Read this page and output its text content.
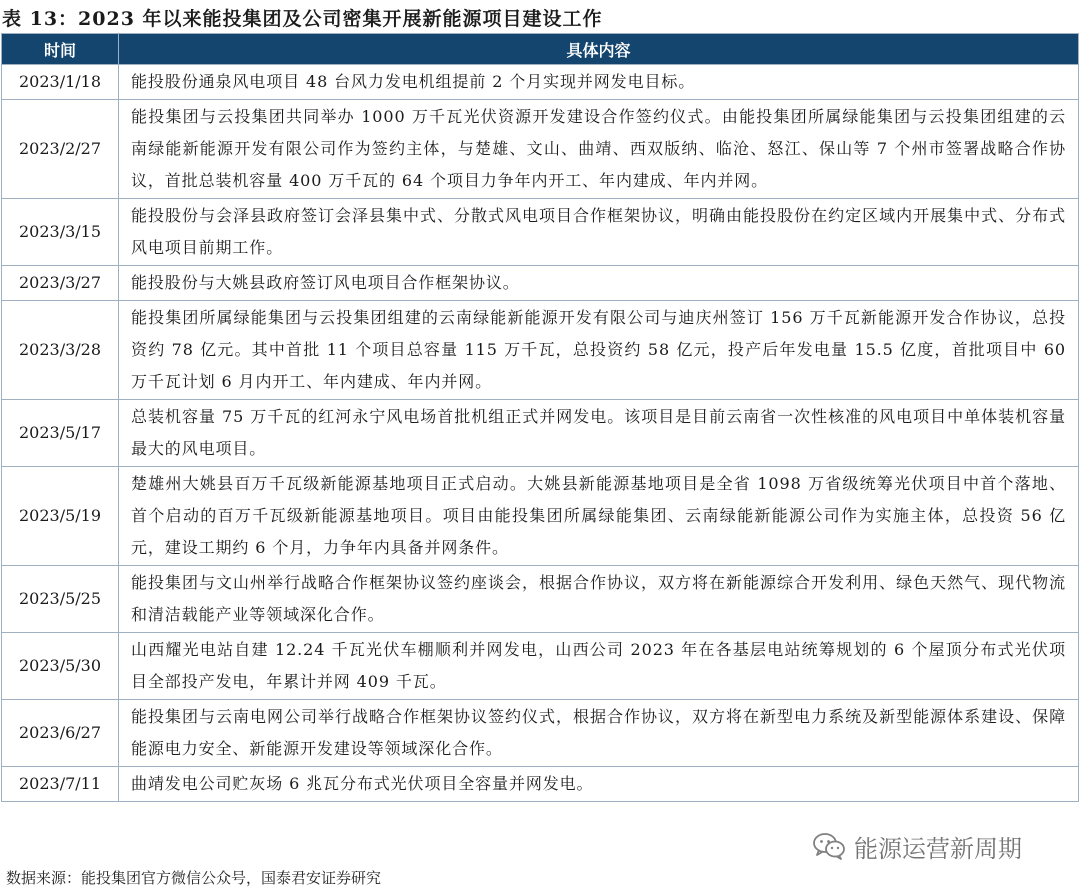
表 13：2023 年以来能投集团及公司密集开展新能源项目建设工作
时间	具体内容
2023/1/18	能投股份通泉风电项目 48 台风力发电机组提前 2 个月实现并网发电目标。
2023/2/27	能投集团与云投集团共同举办 1000 万千瓦光伏资源开发建设合作签约仪式。由能投集团所属绿能集团与云投集团组建的云南绿能新能源开发有限公司作为签约主体，与楚雄、文山、曲靖、西双版纳、临沧、怒江、保山等 7 个州市签署战略合作协议，首批总装机容量 400 万千瓦的 64 个项目力争年内开工、年内建成、年内并网。
2023/3/15	能投股份与会泽县政府签订会泽县集中式、分散式风电项目合作框架协议，明确由能投股份在约定区域内开展集中式、分布式风电项目前期工作。
2023/3/27	能投股份与大姚县政府签订风电项目合作框架协议。
2023/3/28	能投集团所属绿能集团与云投集团组建的云南绿能新能源开发有限公司与迪庆州签订 156 万千瓦新能源开发合作协议，总投资约 78 亿元。其中首批 11 个项目总容量 115 万千瓦，总投资约 58 亿元，投产后年发电量 15.5 亿度，首批项目中 60 万千瓦计划 6 月内开工、年内建成、年内并网。
2023/5/17	总装机容量 75 万千瓦的红河永宁风电场首批机组正式并网发电。该项目是目前云南省一次性核准的风电项目中单体装机容量最大的风电项目。
2023/5/19	楚雄州大姚县百万千瓦级新能源基地项目正式启动。大姚县新能源基地项目是全省 1098 万省级统筹光伏项目中首个落地、首个启动的百万千瓦级新能源基地项目。项目由能投集团所属绿能集团、云南绿能新能源公司作为实施主体，总投资 56 亿元，建设工期约 6 个月，力争年内具备并网条件。
2023/5/25	能投集团与文山州举行战略合作框架协议签约座谈会，根据合作协议，双方将在新能源综合开发利用、绿色天然气、现代物流和清洁载能产业等领域深化合作。
2023/5/30	山西耀光电站自建 12.24 千瓦光伏车棚顺利并网发电，山西公司 2023 年在各基层电站统筹规划的 6 个屋顶分布式光伏项目全部投产发电，年累计并网 409 千瓦。
2023/6/27	能投集团与云南电网公司举行战略合作框架协议签约仪式，根据合作协议，双方将在新型电力系统及新型能源体系建设、保障能源电力安全、新能源开发建设等领域深化合作。
2023/7/11	曲靖发电公司贮灰场 6 兆瓦分布式光伏项目全容量并网发电。
能源运营新周期
数据来源：能投集团官方微信公众号，国泰君安证券研究
